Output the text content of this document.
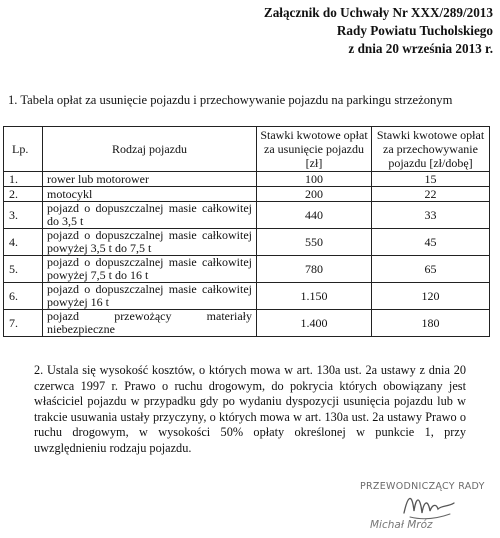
Załącznik do Uchwały Nr XXX/289/2013
Rady Powiatu Tucholskiego
z dnia 20 września 2013 r.
1. Tabela opłat za usunięcie pojazdu i przechowywanie pojazdu na parkingu strzeżonym
Lp.	Rodzaj pojazdu	Stawki kwotowe opłat za usunięcie pojazdu [zł]	Stawki kwotowe opłat za przechowywanie pojazdu [zł/dobę]
1.	rower lub motorower	100	15
2.	motocykl	200	22
3.	pojazd o dopuszczalnej masie całkowitej do 3,5 t	440	33
4.	pojazd o dopuszczalnej masie całkowitej powyżej 3,5 t do 7,5 t	550	45
5.	pojazd o dopuszczalnej masie całkowitej powyżej 7,5 t do 16 t	780	65
6.	pojazd o dopuszczalnej masie całkowitej powyżej 16 t	1.150	120
7.	pojazd przewożący materiały niebezpieczne	1.400	180
2. Ustala się wysokość kosztów, o których mowa w art. 130a ust. 2a ustawy z dnia 20 czerwca 1997 r. Prawo o ruchu drogowym, do pokrycia których obowiązany jest właściciel pojazdu w przypadku gdy po wydaniu dyspozycji usunięcia pojazdu lub w trakcie usuwania ustały przyczyny, o których mowa w art. 130a ust. 2a ustawy Prawo o ruchu drogowym, w wysokości 50% opłaty określonej w punkcie 1, przy uwzględnieniu rodzaju pojazdu.
PRZEWODNICZĄCY RADY
Michał Mróz
